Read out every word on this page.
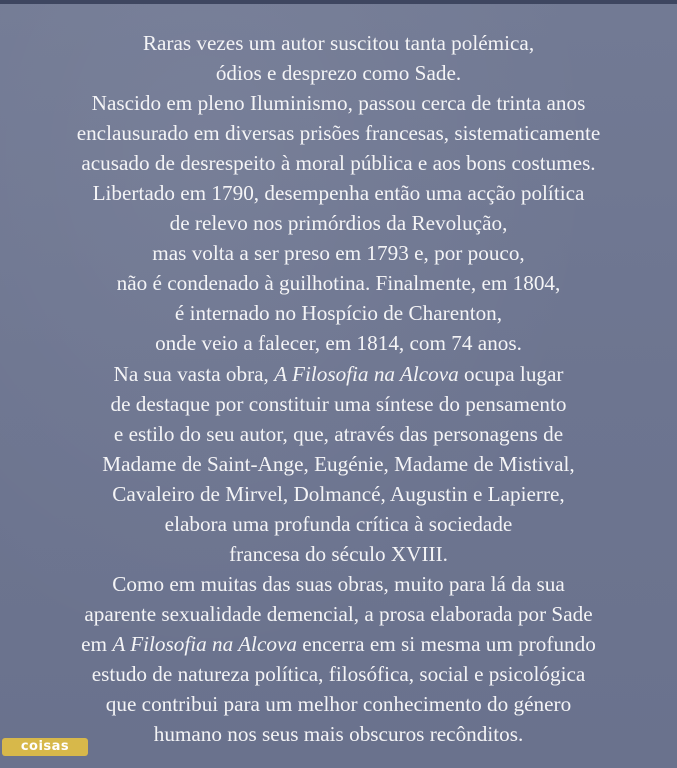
Raras vezes um autor suscitou tanta polémica,
ódios e desprezo como Sade.
Nascido em pleno Iluminismo, passou cerca de trinta anos
enclausurado em diversas prisões francesas, sistematicamente
acusado de desrespeito à moral pública e aos bons costumes.
Libertado em 1790, desempenha então uma acção política
de relevo nos primórdios da Revolução,
mas volta a ser preso em 1793 e, por pouco,
não é condenado à guilhotina. Finalmente, em 1804,
é internado no Hospício de Charenton,
onde veio a falecer, em 1814, com 74 anos.
Na sua vasta obra, A Filosofia na Alcova ocupa lugar
de destaque por constituir uma síntese do pensamento
e estilo do seu autor, que, através das personagens de
Madame de Saint-Ange, Eugénie, Madame de Mistival,
Cavaleiro de Mirvel, Dolmancé, Augustin e Lapierre,
elabora uma profunda crítica à sociedade
francesa do século XVIII.
Como em muitas das suas obras, muito para lá da sua
aparente sexualidade demencial, a prosa elaborada por Sade
em A Filosofia na Alcova encerra em si mesma um profundo
estudo de natureza política, filosófica, social e psicológica
que contribui para um melhor conhecimento do género
humano nos seus mais obscuros recônditos.
coisas
